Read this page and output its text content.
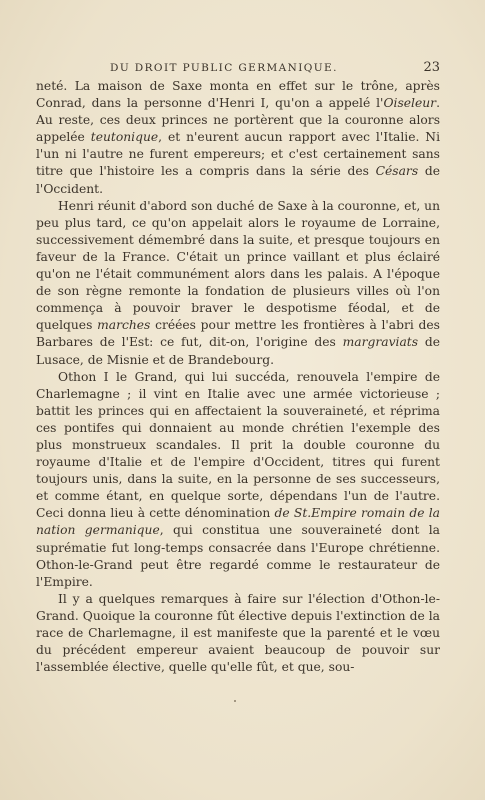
DU DROIT PUBLIC GERMANIQUE.	23

neté. La maison de Saxe monta en effet sur le trône, après Conrad, dans la personne d'Henri I, qu'on a appelé l'Oiseleur. Au reste, ces deux princes ne portèrent que la couronne alors appelée teutonique, et n'eurent aucun rapport avec l'Italie. Ni l'un ni l'autre ne furent empereurs; et c'est certainement sans titre que l'histoire les a compris dans la série des Césars de l'Occident.

Henri réunit d'abord son duché de Saxe à la couronne, et, un peu plus tard, ce qu'on appelait alors le royaume de Lorraine, successivement démembré dans la suite, et presque toujours en faveur de la France. C'était un prince vaillant et plus éclairé qu'on ne l'était communément alors dans les palais. A l'époque de son règne remonte la fondation de plusieurs villes où l'on commença à pouvoir braver le despotisme féodal, et de quelques marches créées pour mettre les frontières à l'abri des Barbares de l'Est: ce fut, dit-on, l'origine des margraviats de Lusace, de Misnie et de Brandebourg.

Othon I le Grand, qui lui succéda, renouvela l'empire de Charlemagne ; il vint en Italie avec une armée victorieuse ; battit les princes qui en affectaient la souveraineté, et réprima ces pontifes qui donnaient au monde chrétien l'exemple des plus monstrueux scandales. Il prit la double couronne du royaume d'Italie et de l'empire d'Occident, titres qui furent toujours unis, dans la suite, en la personne de ses successeurs, et comme étant, en quelque sorte, dépendans l'un de l'autre. Ceci donna lieu à cette dénomination de St.Empire romain de la nation germanique, qui constitua une souveraineté dont la suprématie fut long-temps consacrée dans l'Europe chrétienne. Othon-le-Grand peut être regardé comme le restaurateur de l'Empire.

Il y a quelques remarques à faire sur l'élection d'Othon-le-Grand. Quoique la couronne fût élective depuis l'extinction de la race de Charlemagne, il est manifeste que la parenté et le vœu du précédent empereur avaient beaucoup de pouvoir sur l'assemblée élective, quelle qu'elle fût, et que, sou-
